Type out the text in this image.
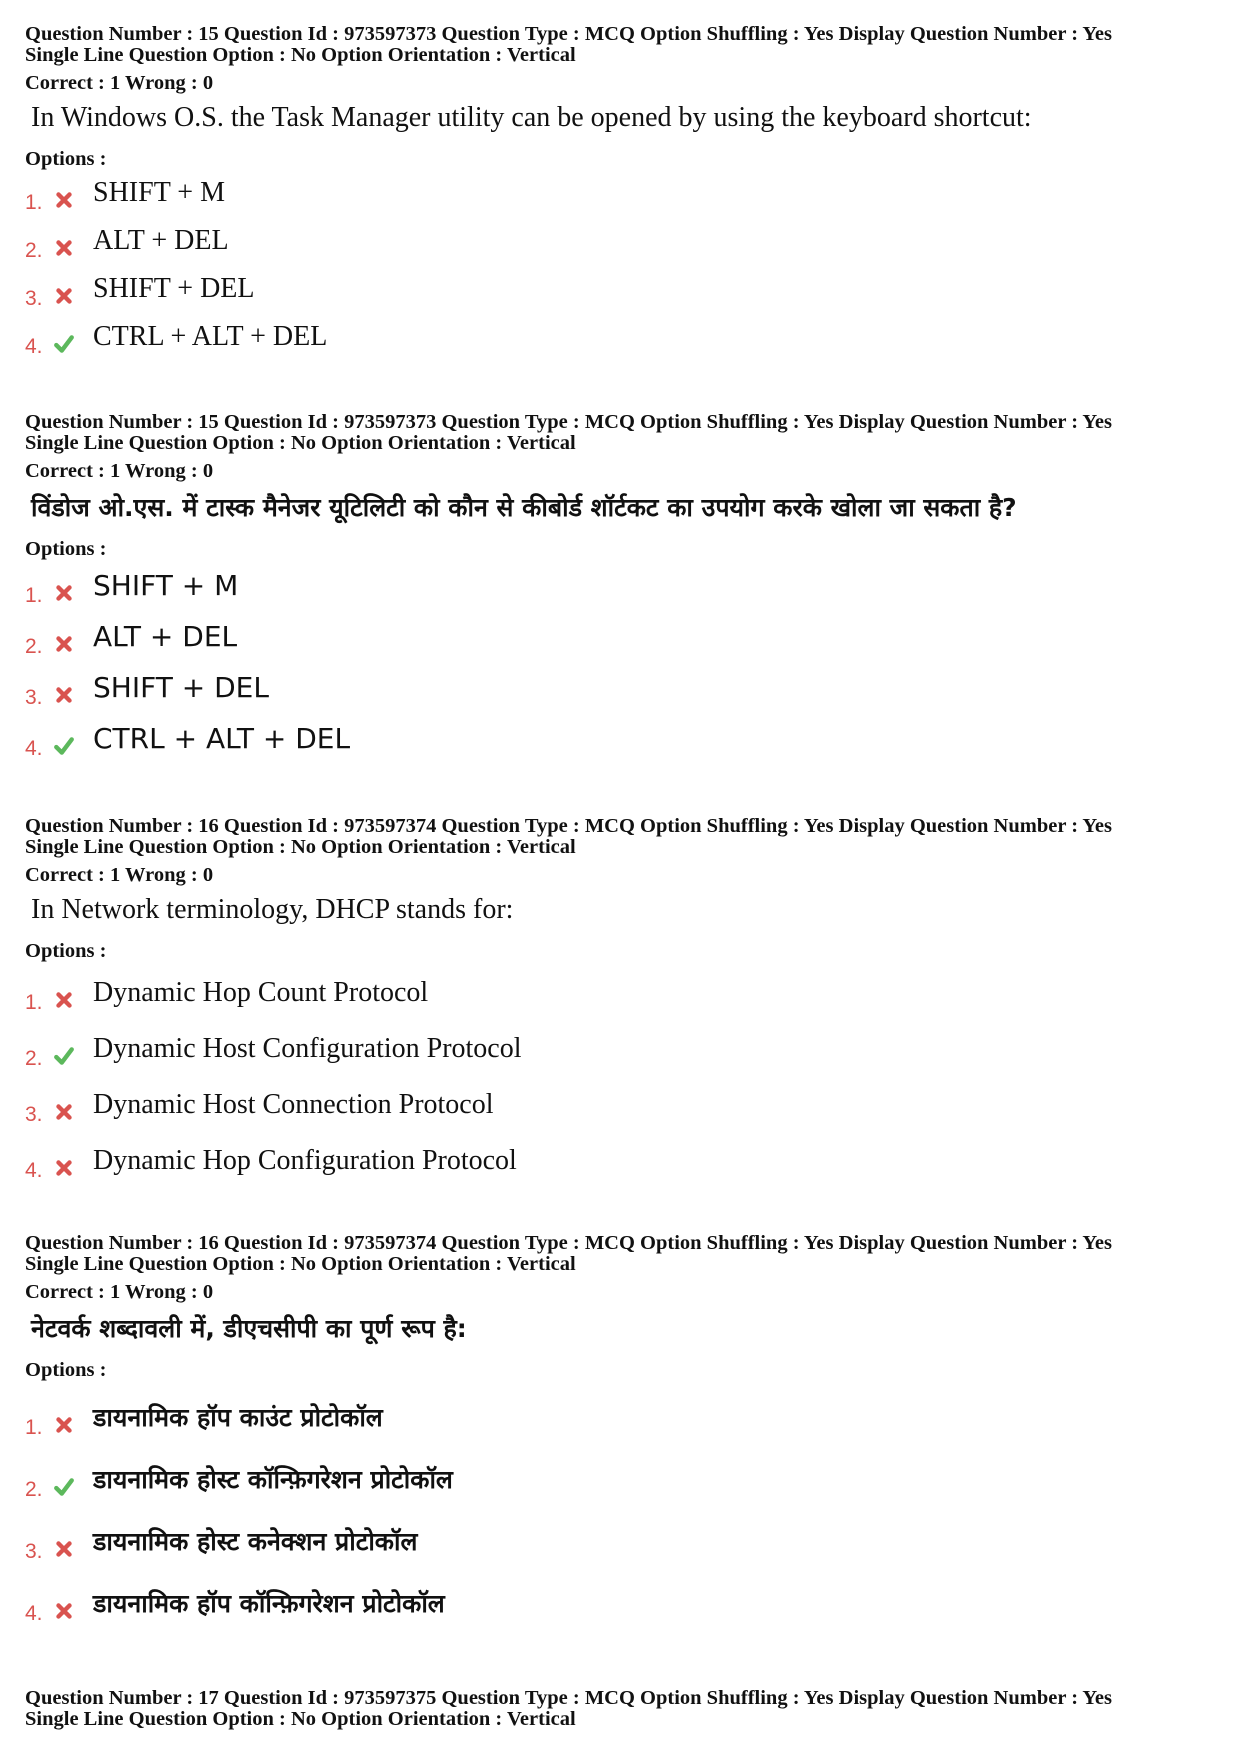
Question Number : 15 Question Id : 973597373 Question Type : MCQ Option Shuffling : Yes Display Question Number : Yes
Single Line Question Option : No Option Orientation : Vertical
Correct : 1 Wrong : 0
In Windows O.S. the Task Manager utility can be opened by using the keyboard shortcut:
Options :
1. SHIFT + M
2. ALT + DEL
3. SHIFT + DEL
4. CTRL + ALT + DEL
Question Number : 15 Question Id : 973597373 Question Type : MCQ Option Shuffling : Yes Display Question Number : Yes
Single Line Question Option : No Option Orientation : Vertical
Correct : 1 Wrong : 0
विंडोज ओ.एस. में टास्क मैनेजर यूटिलिटी को कौन से कीबोर्ड शॉर्टकट का उपयोग करके खोला जा सकता है?
Options :
1. SHIFT + M
2. ALT + DEL
3. SHIFT + DEL
4. CTRL + ALT + DEL
Question Number : 16 Question Id : 973597374 Question Type : MCQ Option Shuffling : Yes Display Question Number : Yes
Single Line Question Option : No Option Orientation : Vertical
Correct : 1 Wrong : 0
In Network terminology, DHCP stands for:
Options :
1. Dynamic Hop Count Protocol
2. Dynamic Host Configuration Protocol
3. Dynamic Host Connection Protocol
4. Dynamic Hop Configuration Protocol
Question Number : 16 Question Id : 973597374 Question Type : MCQ Option Shuffling : Yes Display Question Number : Yes
Single Line Question Option : No Option Orientation : Vertical
Correct : 1 Wrong : 0
नेटवर्क शब्दावली में, डीएचसीपी का पूर्ण रूप है:
Options :
1. डायनामिक हॉप काउंट प्रोटोकॉल
2. डायनामिक होस्ट कॉन्फ़िगरेशन प्रोटोकॉल
3. डायनामिक होस्ट कनेक्शन प्रोटोकॉल
4. डायनामिक हॉप कॉन्फ़िगरेशन प्रोटोकॉल
Question Number : 17 Question Id : 973597375 Question Type : MCQ Option Shuffling : Yes Display Question Number : Yes
Single Line Question Option : No Option Orientation : Vertical
